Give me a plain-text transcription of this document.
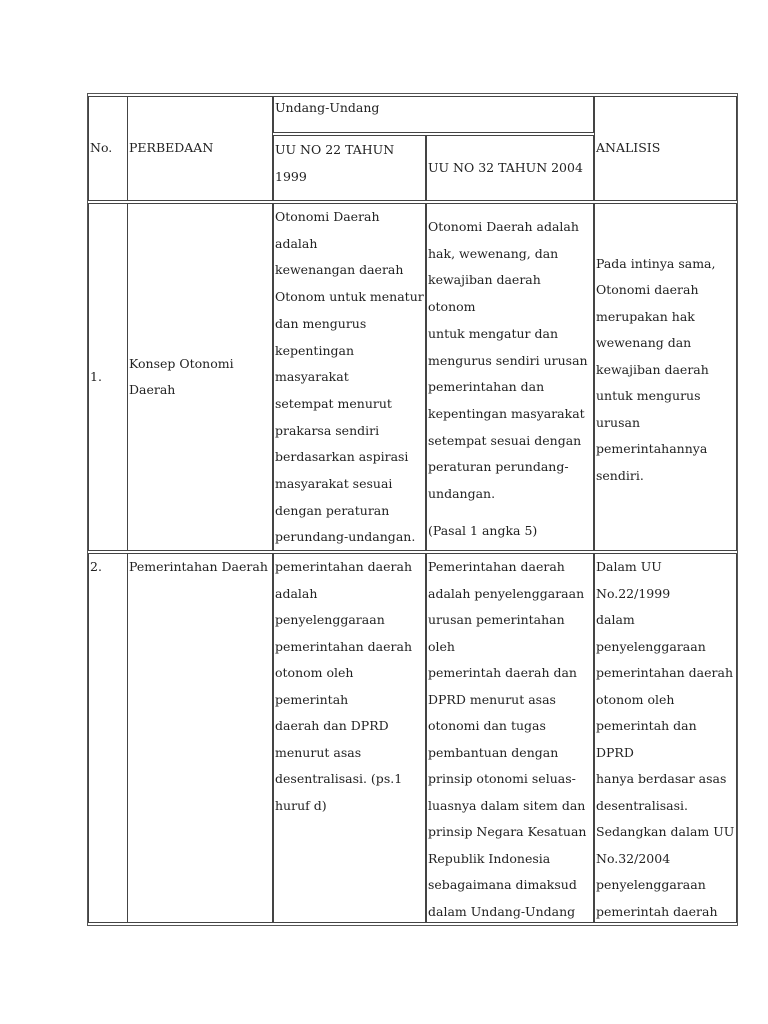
No. PERBEDAAN
Undang-Undang
UU NO 22 TAHUN
1999
UU NO 32 TAHUN 2004
ANALISIS
1.
Konsep Otonomi
Daerah
Otonomi Daerah adalah
kewenangan daerah
Otonom untuk menatur
dan mengurus
kepentingan masyarakat
setempat menurut
prakarsa sendiri
berdasarkan aspirasi
masyarakat sesuai
dengan peraturan
perundang-undangan.
Otonomi Daerah adalah
hak, wewenang, dan
kewajiban daerah otonom
untuk mengatur dan
mengurus sendiri urusan
pemerintahan dan
kepentingan masyarakat
setempat sesuai dengan
peraturan perundang-
undangan.
(Pasal 1 angka 5)
Pada intinya sama,
Otonomi daerah
merupakan hak
wewenang dan
kewajiban daerah
untuk mengurus
urusan
pemerintahannya
sendiri.
2.	Pemerintahan Daerah pemerintahan daerah
adalah penyelenggaraan
pemerintahan daerah
otonom oleh pemerintah
daerah dan DPRD
menurut asas
desentralisasi. (ps.1
huruf d)
Pemerintahan daerah
adalah penyelenggaraan
urusan pemerintahan oleh
pemerintah daerah dan
DPRD menurut asas
otonomi dan tugas
pembantuan dengan
prinsip otonomi seluas-
luasnya dalam sitem dan
prinsip Negara Kesatuan
Republik Indonesia
sebagaimana dimaksud
dalam Undang-Undang

Dalam UU No.22/1999
dalam
penyelenggaraan
pemerintahan daerah
otonom oleh
pemerintah dan DPRD
hanya berdasar asas
desentralisasi.
Sedangkan dalam UU
No.32/2004
penyelenggaraan
pemerintah daerah
